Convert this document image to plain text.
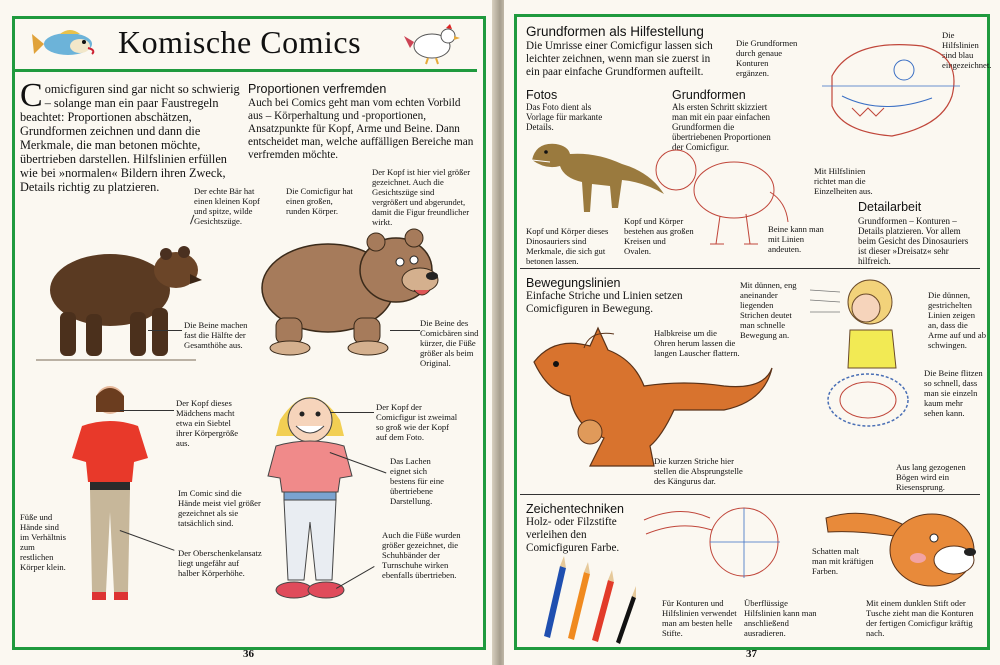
Komische Comics
Comicfiguren sind gar nicht so schwierig – solange man ein paar Faustregeln beachtet: Proportionen abschätzen, Grundformen zeichnen und dann die Merkmale, die man betonen möchte, übertrieben darstellen. Hilfslinien erfüllen wie bei »normalen« Bildern ihren Zweck, Details richtig zu platzieren.
Proportionen verfremden
Auch bei Comics geht man vom echten Vorbild aus – Körperhaltung und -proportionen, Ansatzpunkte für Kopf, Arme und Beine. Dann entscheidet man, welche auffälligen Bereiche man verfremden möchte.
Der echte Bär hat einen kleinen Kopf und spitze, wilde Gesichtszüge.
Die Comicfigur hat einen großen, runden Körper.
Der Kopf ist hier viel größer gezeichnet. Auch die Gesichtszüge sind vergrößert und abgerundet, damit die Figur freundlicher wirkt.
Die Beine machen fast die Hälfte der Gesamthöhe aus.
Die Beine des Comicbären sind kürzer, die Füße größer als beim Original.
Der Kopf dieses Mädchens macht etwa ein Siebtel ihrer Körpergröße aus.
Der Kopf der Comicfigur ist zweimal so groß wie der Kopf auf dem Foto.
Das Lachen eignet sich bestens für eine übertriebene Darstellung.
Im Comic sind die Hände meist viel größer gezeichnet als sie tatsächlich sind.
Füße und Hände sind im Verhältnis zum restlichen Körper klein.
Der Oberschenkelansatz liegt ungefähr auf halber Körperhöhe.
Auch die Füße wurden größer gezeichnet, die Schuhbänder der Turnschuhe wirken ebenfalls übertrieben.
36
Grundformen als Hilfestellung
Die Umrisse einer Comicfigur lassen sich leichter zeichnen, wenn man sie zuerst in ein paar einfache Grundformen aufteilt.
Die Grundformen durch genaue Konturen ergänzen.
Die Hilfslinien sind blau eingezeichnet.
Fotos
Das Foto dient als Vorlage für markante Details.
Grundformen
Als ersten Schritt skizziert man mit ein paar einfachen Grundformen die übertriebenen Proportionen der Comicfigur.
Mit Hilfslinien richtet man die Einzelheiten aus.
Detailarbeit
Grundformen – Konturen – Details platzieren. Vor allem beim Gesicht des Dinosauriers ist dieser »Dreisatz« sehr hilfreich.
Kopf und Körper dieses Dinosauriers sind Merkmale, die sich gut betonen lassen.
Kopf und Körper bestehen aus großen Kreisen und Ovalen.
Beine kann man mit Linien andeuten.
Bewegungslinien
Einfache Striche und Linien setzen Comicfiguren in Bewegung.
Halbkreise um die Ohren herum lassen die langen Lauscher flattern.
Mit dünnen, eng aneinander liegenden Strichen deutet man schnelle Bewegung an.
Die dünnen, gestrichelten Linien zeigen an, dass die Arme auf und ab schwingen.
Die Beine flitzen so schnell, dass man sie einzeln kaum mehr sehen kann.
Die kurzen Striche hier stellen die Absprungstelle des Kängurus dar.
Aus lang gezogenen Bögen wird ein Riesensprung.
Zeichentechniken
Holz- oder Filzstifte verleihen den Comicfiguren Farbe.	Schatten malt man mit kräftigen Farben.
Für Konturen und Hilfslinien verwendet man am besten helle Stifte.
Überflüssige Hilfslinien kann man anschließend ausradieren.
Mit einem dunklen Stift oder Tusche zieht man die Konturen der fertigen Comicfigur kräftig nach.
37
